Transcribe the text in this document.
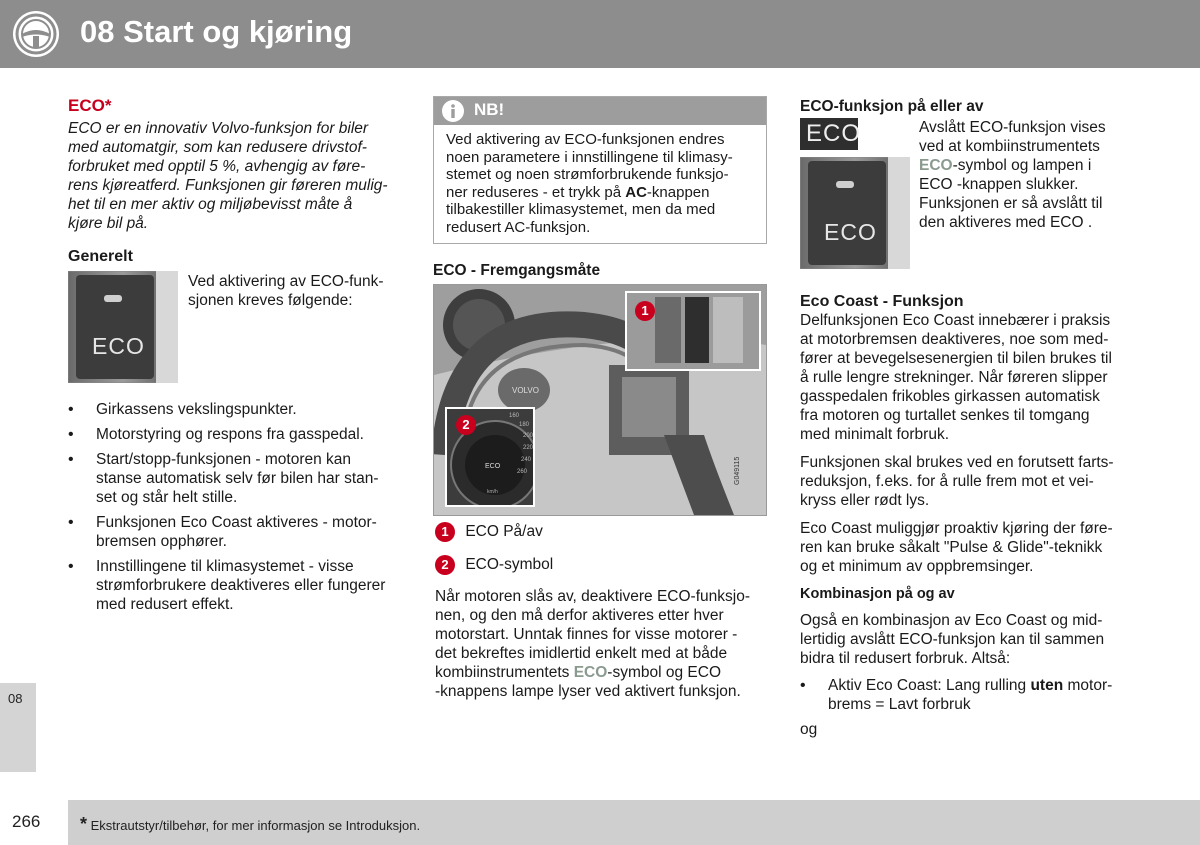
08 Start og kjøring
08

ECO*

ECO er en innovativ Volvo-funksjon for biler
med automatgir, som kan redusere drivstof-
forbruket med opptil 5 %, avhengig av føre-
rens kjøreatferd. Funksjonen gir føreren mulig-
het til en mer aktiv og miljøbevisst måte å
kjøre bil på.

Generelt
ECO
Ved aktivering av ECO-funk-
sjonen kreves følgende:
• Girkassens vekslingspunkter.
• Motorstyring og respons fra gasspedal.
• Start/stopp-funksjonen - motoren kan
stanse automatisk selv før bilen har stan-
set og står helt stille.
• Funksjonen Eco Coast aktiveres - motor-
bremsen opphører.
• Innstillingene til klimasystemet - visse
strømforbrukere deaktiveres eller fungerer
med redusert effekt.
NB!
Ved aktivering av ECO-funksjonen endres
noen parametere i innstillingene til klimasy-
stemet og noen strømforbrukende funksjo-
ner reduseres - et trykk på AC-knappen
tilbakestiller klimasystemet, men da med
redusert AC-funksjon.
ECO - Fremgangsmåte
VOLVO
160
180
200
220
240
260
ECO
km/h
1
2
G049115
1 ECO På/av
2 ECO-symbol
Når motoren slås av, deaktivere ECO-funksjo-
nen, og den må derfor aktiveres etter hver
motorstart. Unntak finnes for visse motorer -
det bekreftes imidlertid enkelt med at både
kombiinstrumentets ECO-symbol og ECO
-knappens lampe lyser ved aktivert funksjon.
ECO-funksjon på eller av
ECO
ECO
Avslått ECO-funksjon vises
ved at kombiinstrumentets
ECO-symbol og lampen i
ECO -knappen slukker.
Funksjonen er så avslått til
den aktiveres med ECO .
Eco Coast - Funksjon

Delfunksjonen Eco Coast innebærer i praksis
at motorbremsen deaktiveres, noe som med-
fører at bevegelsesenergien til bilen brukes til
å rulle lengre strekninger. Når føreren slipper
gasspedalen frikobles girkassen automatisk
fra motoren og turtallet senkes til tomgang
med minimalt forbruk.

Funksjonen skal brukes ved en forutsett farts-
reduksjon, f.eks. for å rulle frem mot et vei-
kryss eller rødt lys.

Eco Coast muliggjør proaktiv kjøring der føre-
ren kan bruke såkalt "Pulse & Glide"-teknikk
og et minimum av oppbremsinger.

Kombinasjon på og av

Også en kombinasjon av Eco Coast og mid-
lertidig avslått ECO-funksjon kan til sammen
bidra til redusert forbruk. Altså:

• Aktiv Eco Coast: Lang rulling uten motor-
brems = Lavt forbruk

og

266 * Ekstrautstyr/tilbehør, for mer informasjon se Introduksjon.
